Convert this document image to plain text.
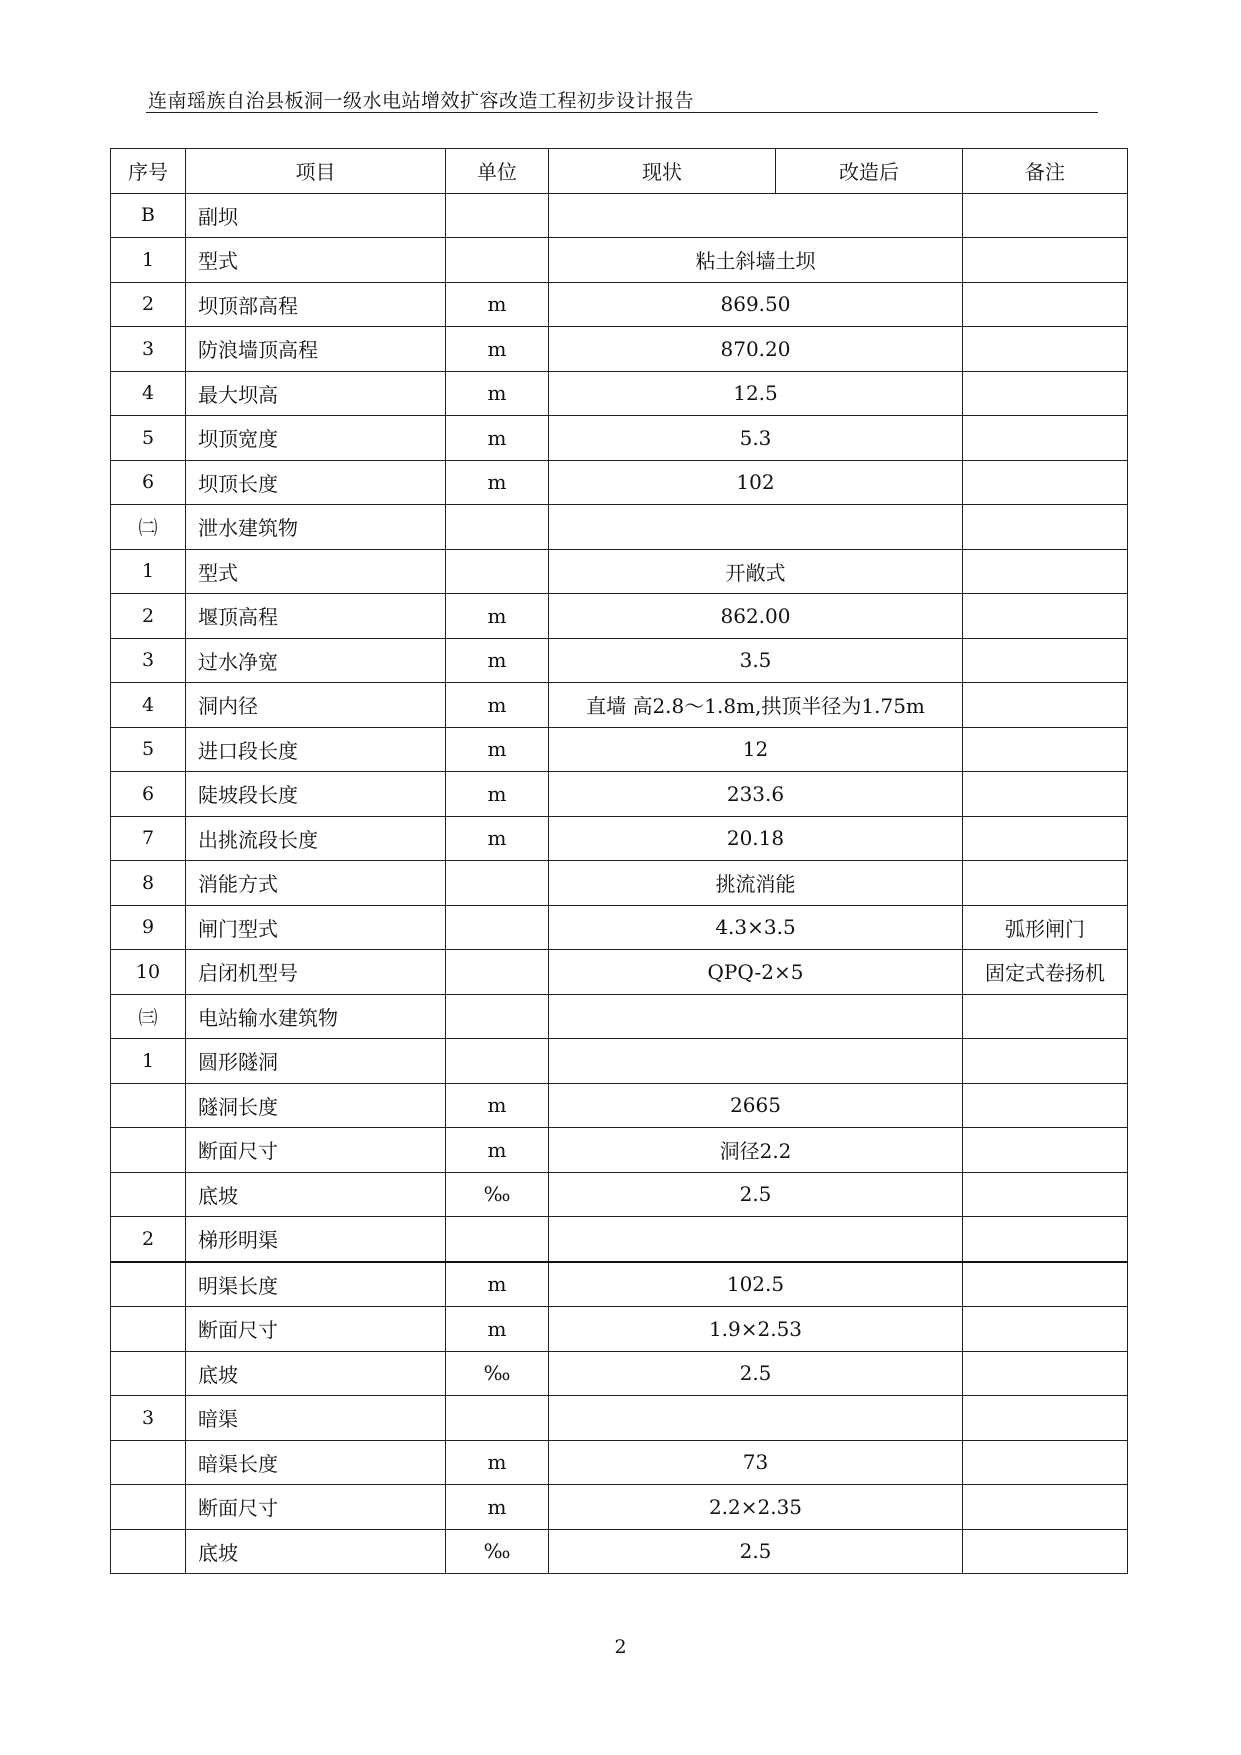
连南瑶族自治县板洞一级水电站增效扩容改造工程初步设计报告
序号	项目	单位	现状	改造后	备注
B	副坝				
1	型式		粘土斜墙土坝		
2	坝顶部高程	m	869.50		
3	防浪墙顶高程	m	870.20		
4	最大坝高	m	12.5		
5	坝顶宽度	m	5.3		
6	坝顶长度	m	102		
㈡	泄水建筑物				
1	型式		开敞式		
2	堰顶高程	m	862.00		
3	过水净宽	m	3.5		
4	洞内径	m	直墙 高2.8～1.8m,拱顶半径为1.75m		
5	进口段长度	m	12		
6	陡坡段长度	m	233.6		
7	出挑流段长度	m	20.18		
8	消能方式		挑流消能		
9	闸门型式		4.3×3.5		弧形闸门
10	启闭机型号		QPQ-2×5		固定式卷扬机
㈢	电站输水建筑物				
1	圆形隧洞				
	隧洞长度	m	2665		
	断面尺寸	m	洞径2.2		
	底坡	‰	2.5		
2	梯形明渠				
	明渠长度	m	102.5		
	断面尺寸	m	1.9×2.53		
	底坡	‰	2.5		
3	暗渠				
	暗渠长度	m	73		
	断面尺寸	m	2.2×2.35		
	底坡	‰	2.5		
2
